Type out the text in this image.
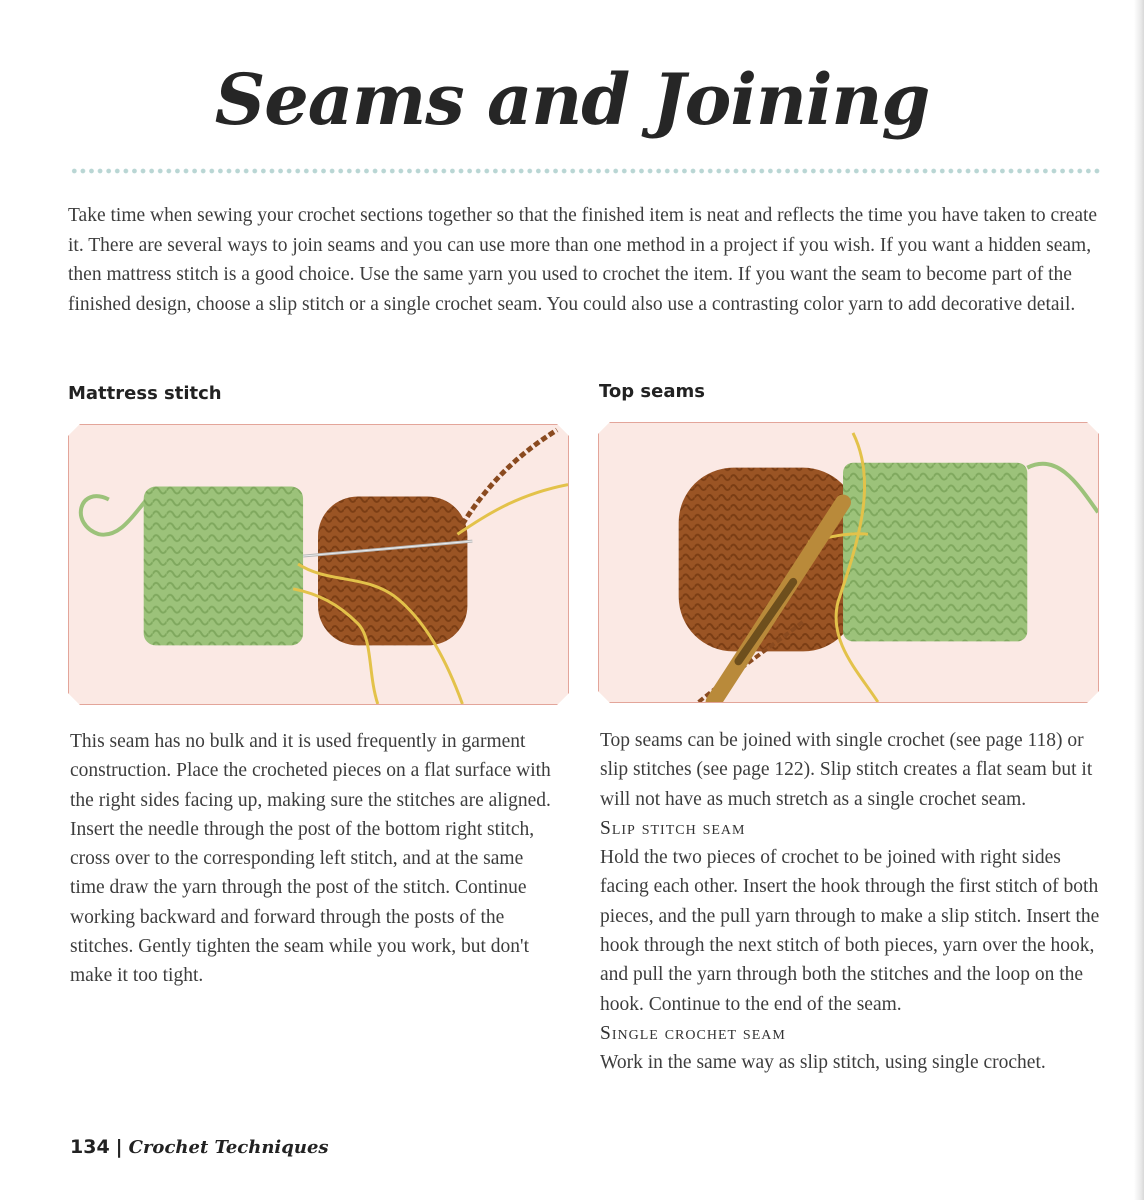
Seams and Joining

Take time when sewing your crochet sections together so that the finished item is neat and reflects the time you have taken to create it. There are several ways to join seams and you can use more than one method in a project if you wish. If you want a hidden seam, then mattress stitch is a good choice. Use the same yarn you used to crochet the item. If you want the seam to become part of the finished design, choose a slip stitch or a single crochet seam. You could also use a contrasting color yarn to add decorative detail.

Mattress stitch	Top seams

This seam has no bulk and it is used frequently in garment construction. Place the crocheted pieces on a flat surface with the right sides facing up, making sure the stitches are aligned. Insert the needle through the post of the bottom right stitch, cross over to the corresponding left stitch, and at the same time draw the yarn through the post of the stitch. Continue working backward and forward through the posts of the stitches. Gently tighten the seam while you work, but don't make it too tight.

Top seams can be joined with single crochet (see page 118) or slip stitches (see page 122). Slip stitch creates a flat seam but it will not have as much stretch as a single crochet seam.
Slip stitch seam
Hold the two pieces of crochet to be joined with right sides facing each other. Insert the hook through the first stitch of both pieces, and the pull yarn through to make a slip stitch. Insert the hook through the next stitch of both pieces, yarn over the hook, and pull the yarn through both the stitches and the loop on the hook. Continue to the end of the seam.
Single crochet seam
Work in the same way as slip stitch, using single crochet.

134 | Crochet Techniques
